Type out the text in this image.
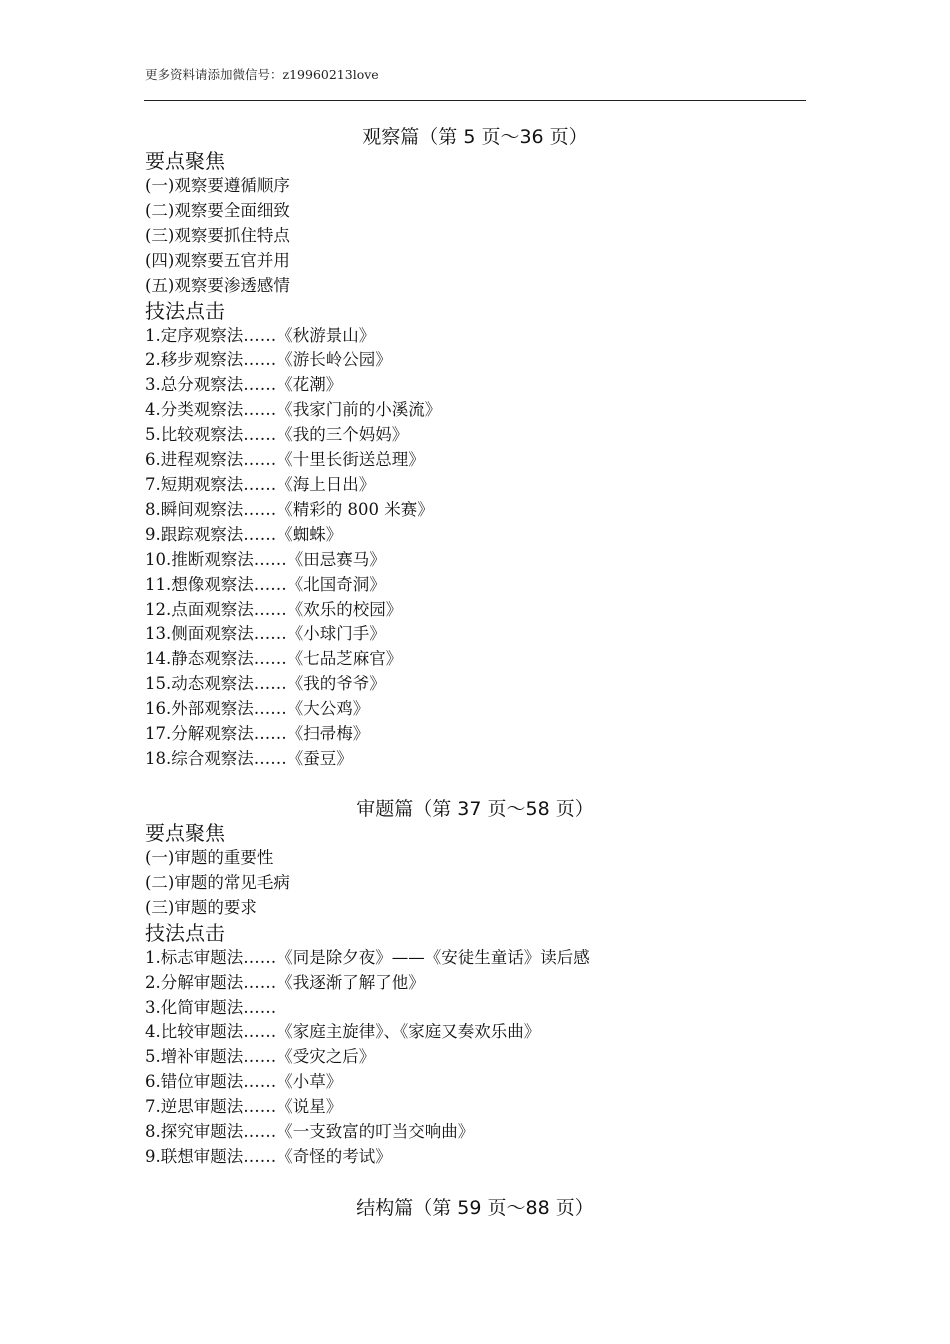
更多资料请添加微信号：z19960213love
观察篇（第 5 页～36 页）
要点聚焦
(一)观察要遵循顺序
(二)观察要全面细致
(三)观察要抓住特点
(四)观察要五官并用
(五)观察要渗透感情
技法点击
1.定序观察法……《秋游景山》
2.移步观察法……《游长岭公园》
3.总分观察法……《花潮》
4.分类观察法……《我家门前的小溪流》
5.比较观察法……《我的三个妈妈》
6.进程观察法……《十里长街送总理》
7.短期观察法……《海上日出》
8.瞬间观察法……《精彩的 800 米赛》
9.跟踪观察法……《蜘蛛》
10.推断观察法……《田忌赛马》
11.想像观察法……《北国奇洞》
12.点面观察法……《欢乐的校园》
13.侧面观察法……《小球门手》
14.静态观察法……《七品芝麻官》
15.动态观察法……《我的爷爷》
16.外部观察法……《大公鸡》
17.分解观察法……《扫帚梅》
18.综合观察法……《蚕豆》
审题篇（第 37 页～58 页）
要点聚焦
(一)审题的重要性
(二)审题的常见毛病
(三)审题的要求
技法点击
1.标志审题法……《同是除夕夜》——《安徒生童话》读后感
2.分解审题法……《我逐渐了解了他》
3.化简审题法……
4.比较审题法……《家庭主旋律》、《家庭又奏欢乐曲》
5.增补审题法……《受灾之后》
6.错位审题法……《小草》
7.逆思审题法……《说星》
8.探究审题法……《一支致富的叮当交响曲》
9.联想审题法……《奇怪的考试》
结构篇（第 59 页～88 页）
